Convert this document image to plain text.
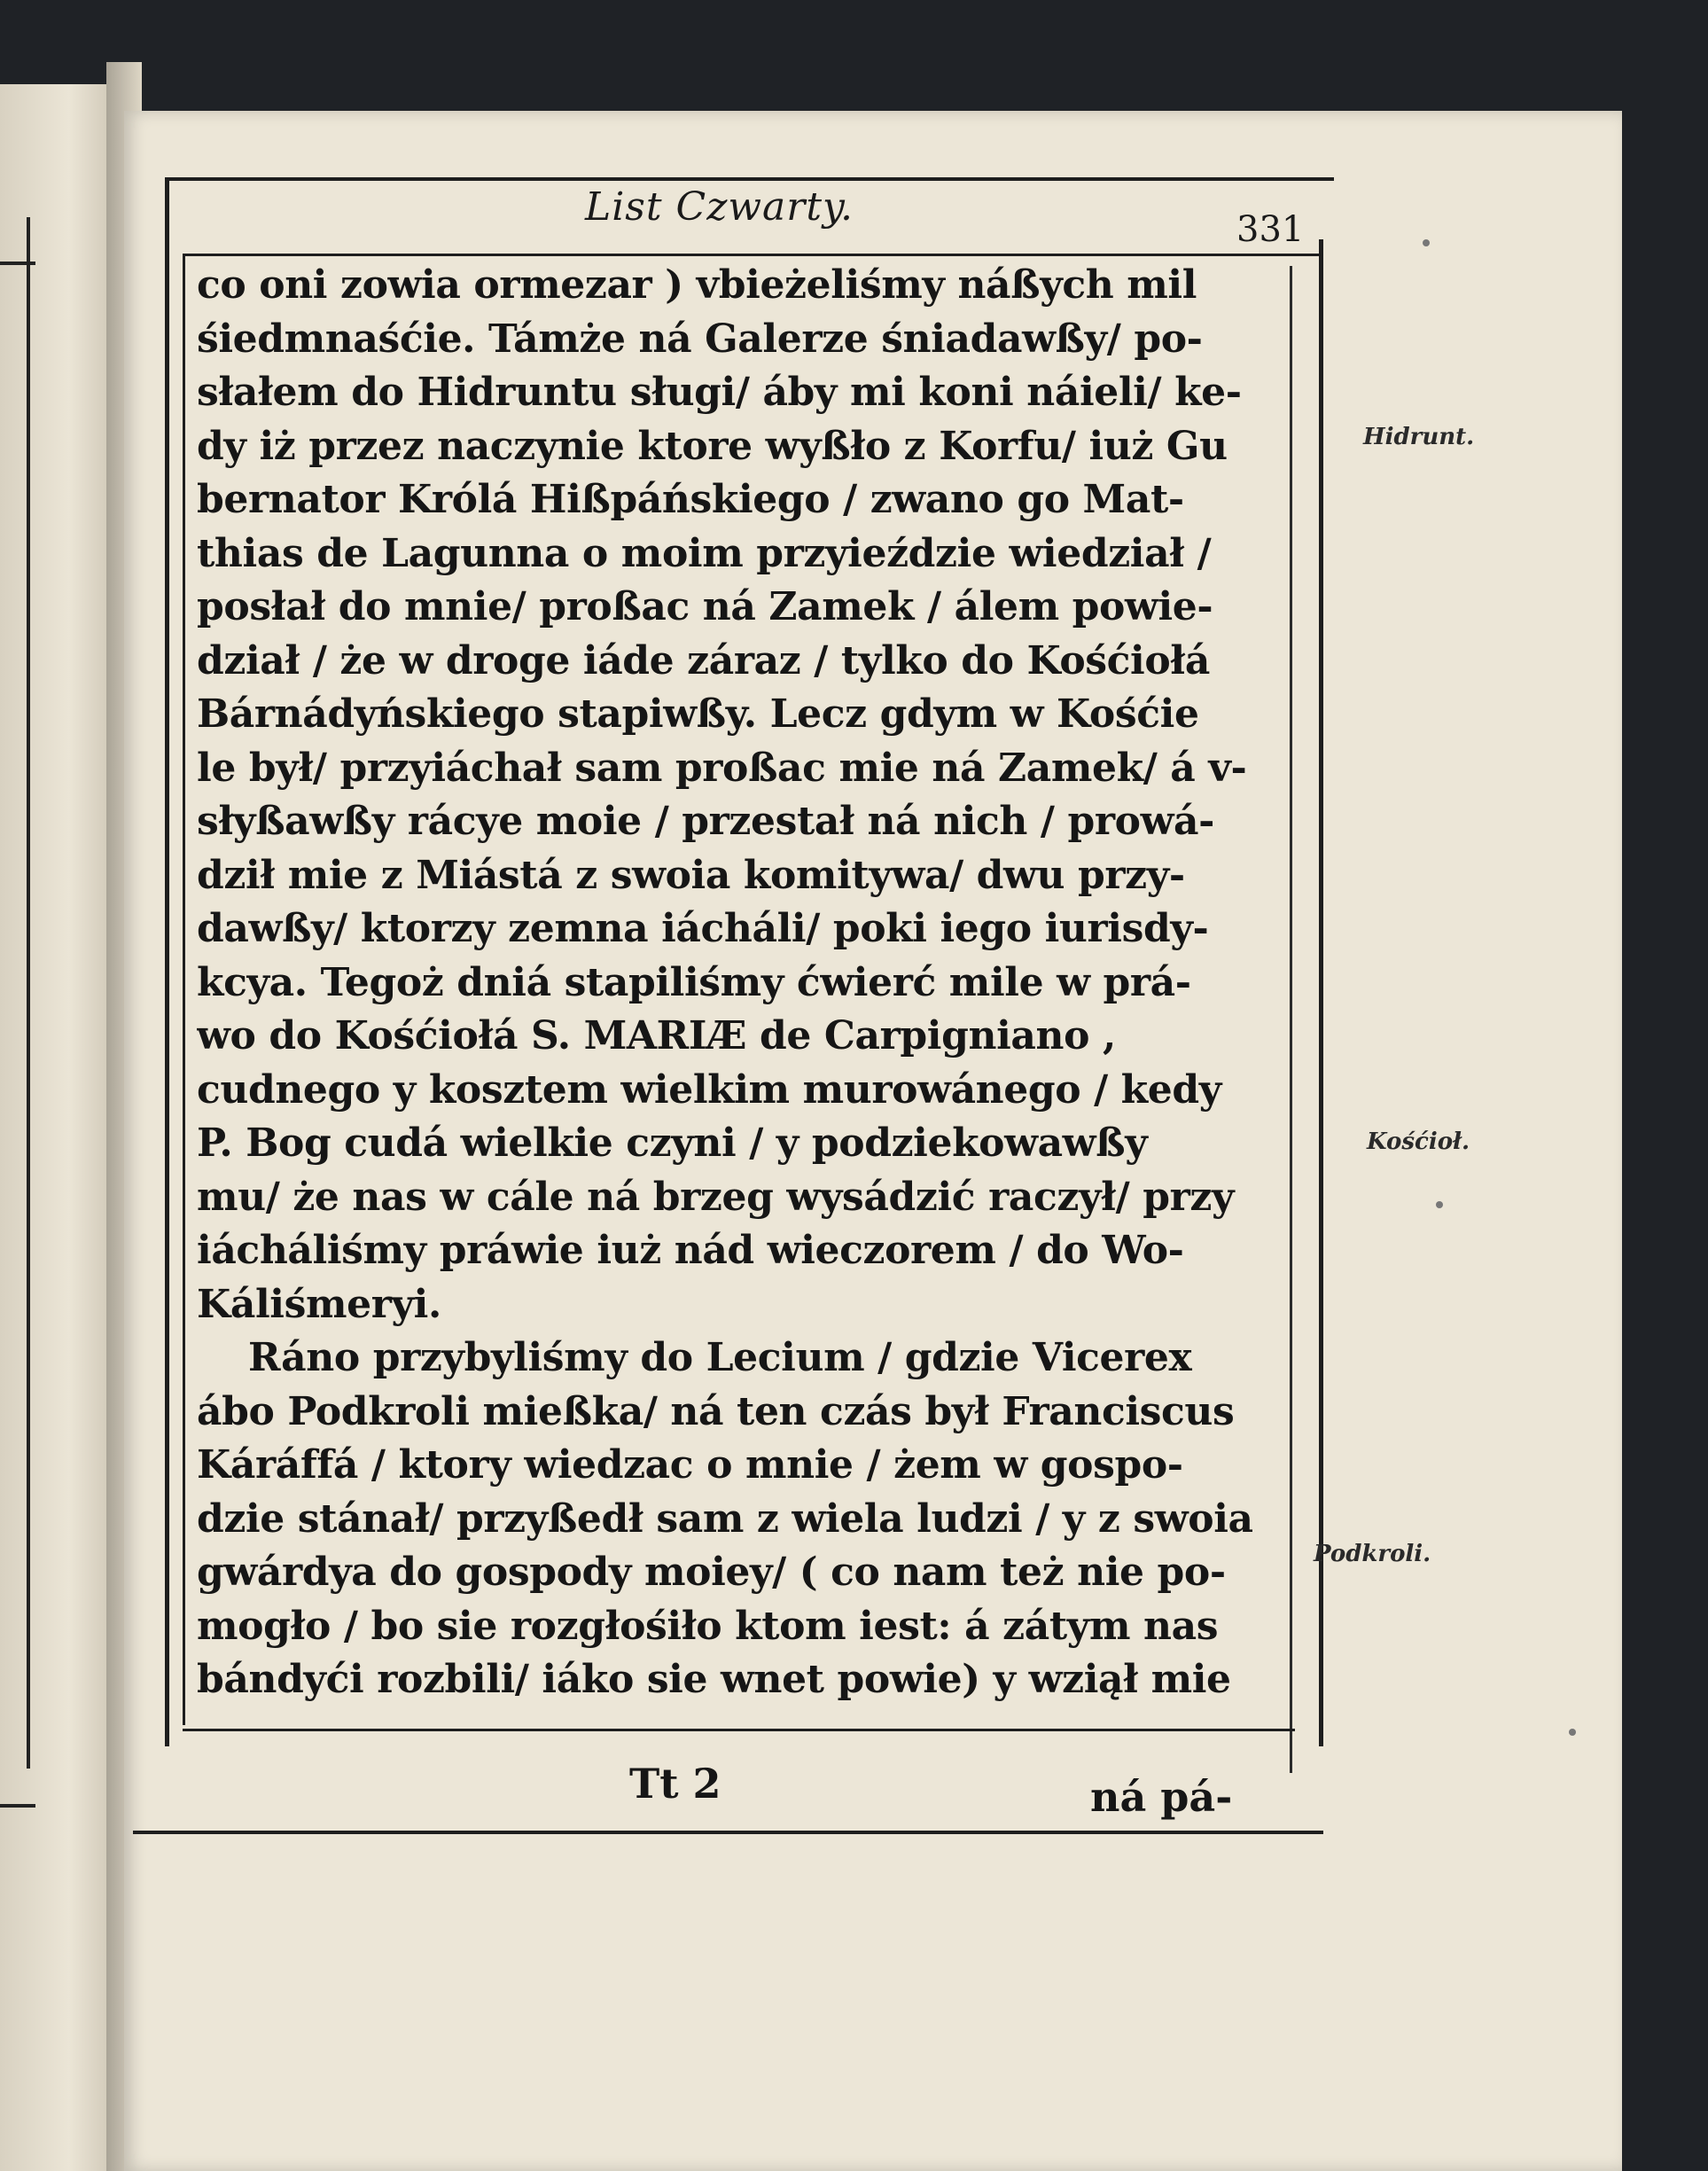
List Czwarty.	331
co oni zowia ormezar ) vbieżeliśmy náßych mil
śiedmnaśćie. Támże ná Galerze śniadawßy/ po-
słałem do Hidruntu sługi/ áby mi koni náieli/ ke-
dy iż przez naczynie ktore wyßło z Korfu/ iuż Gu
bernator Królá Hißpáńskiego / zwano go Mat-
thias de Lagunna o moim przyieździe wiedział /
posłał do mnie/ proßac ná Zamek / álem powie-
dział / że w droge iáde záraz / tylko do Kośćiołá
Bárnádyńskiego stapiwßy. Lecz gdym w Kośćie
le był/ przyiáchał sam proßac mie ná Zamek/ á v-
słyßawßy rácye moie / przestał ná nich / prowá-
dził mie z Miástá z swoia komitywa/ dwu przy-
dawßy/ ktorzy zemna iácháli/ poki iego iurisdy-
kcya. Tegoż dniá stapiliśmy ćwierć mile w prá-
wo do Kośćiołá S. MARIÆ de Carpigniano ,
cudnego y kosztem wielkim murowánego / kedy
P. Bog cudá wielkie czyni / y podziekowawßy
mu/ że nas w cále ná brzeg wysádzić raczył/ przy
iácháliśmy práwie iuż nád wieczorem / do Wo-
Káliśmeryi.
Ráno przybyliśmy do Lecium / gdzie Vicerex
ábo Podkroli mießka/ ná ten czás był Franciscus
Káráffá / ktory wiedzac o mnie / żem w gospo-
dzie stánał/ przyßedł sam z wiela ludzi / y z swoia
gwárdya do gospody moiey/ ( co nam też nie po-
mogło / bo sie rozgłośiło ktom iest: á zátym nas
bándyći rozbili/ iáko sie wnet powie) y wziął mie
Tt 2	ná pá-
Hidrunt.
Kośćioł.
Podkroli.
